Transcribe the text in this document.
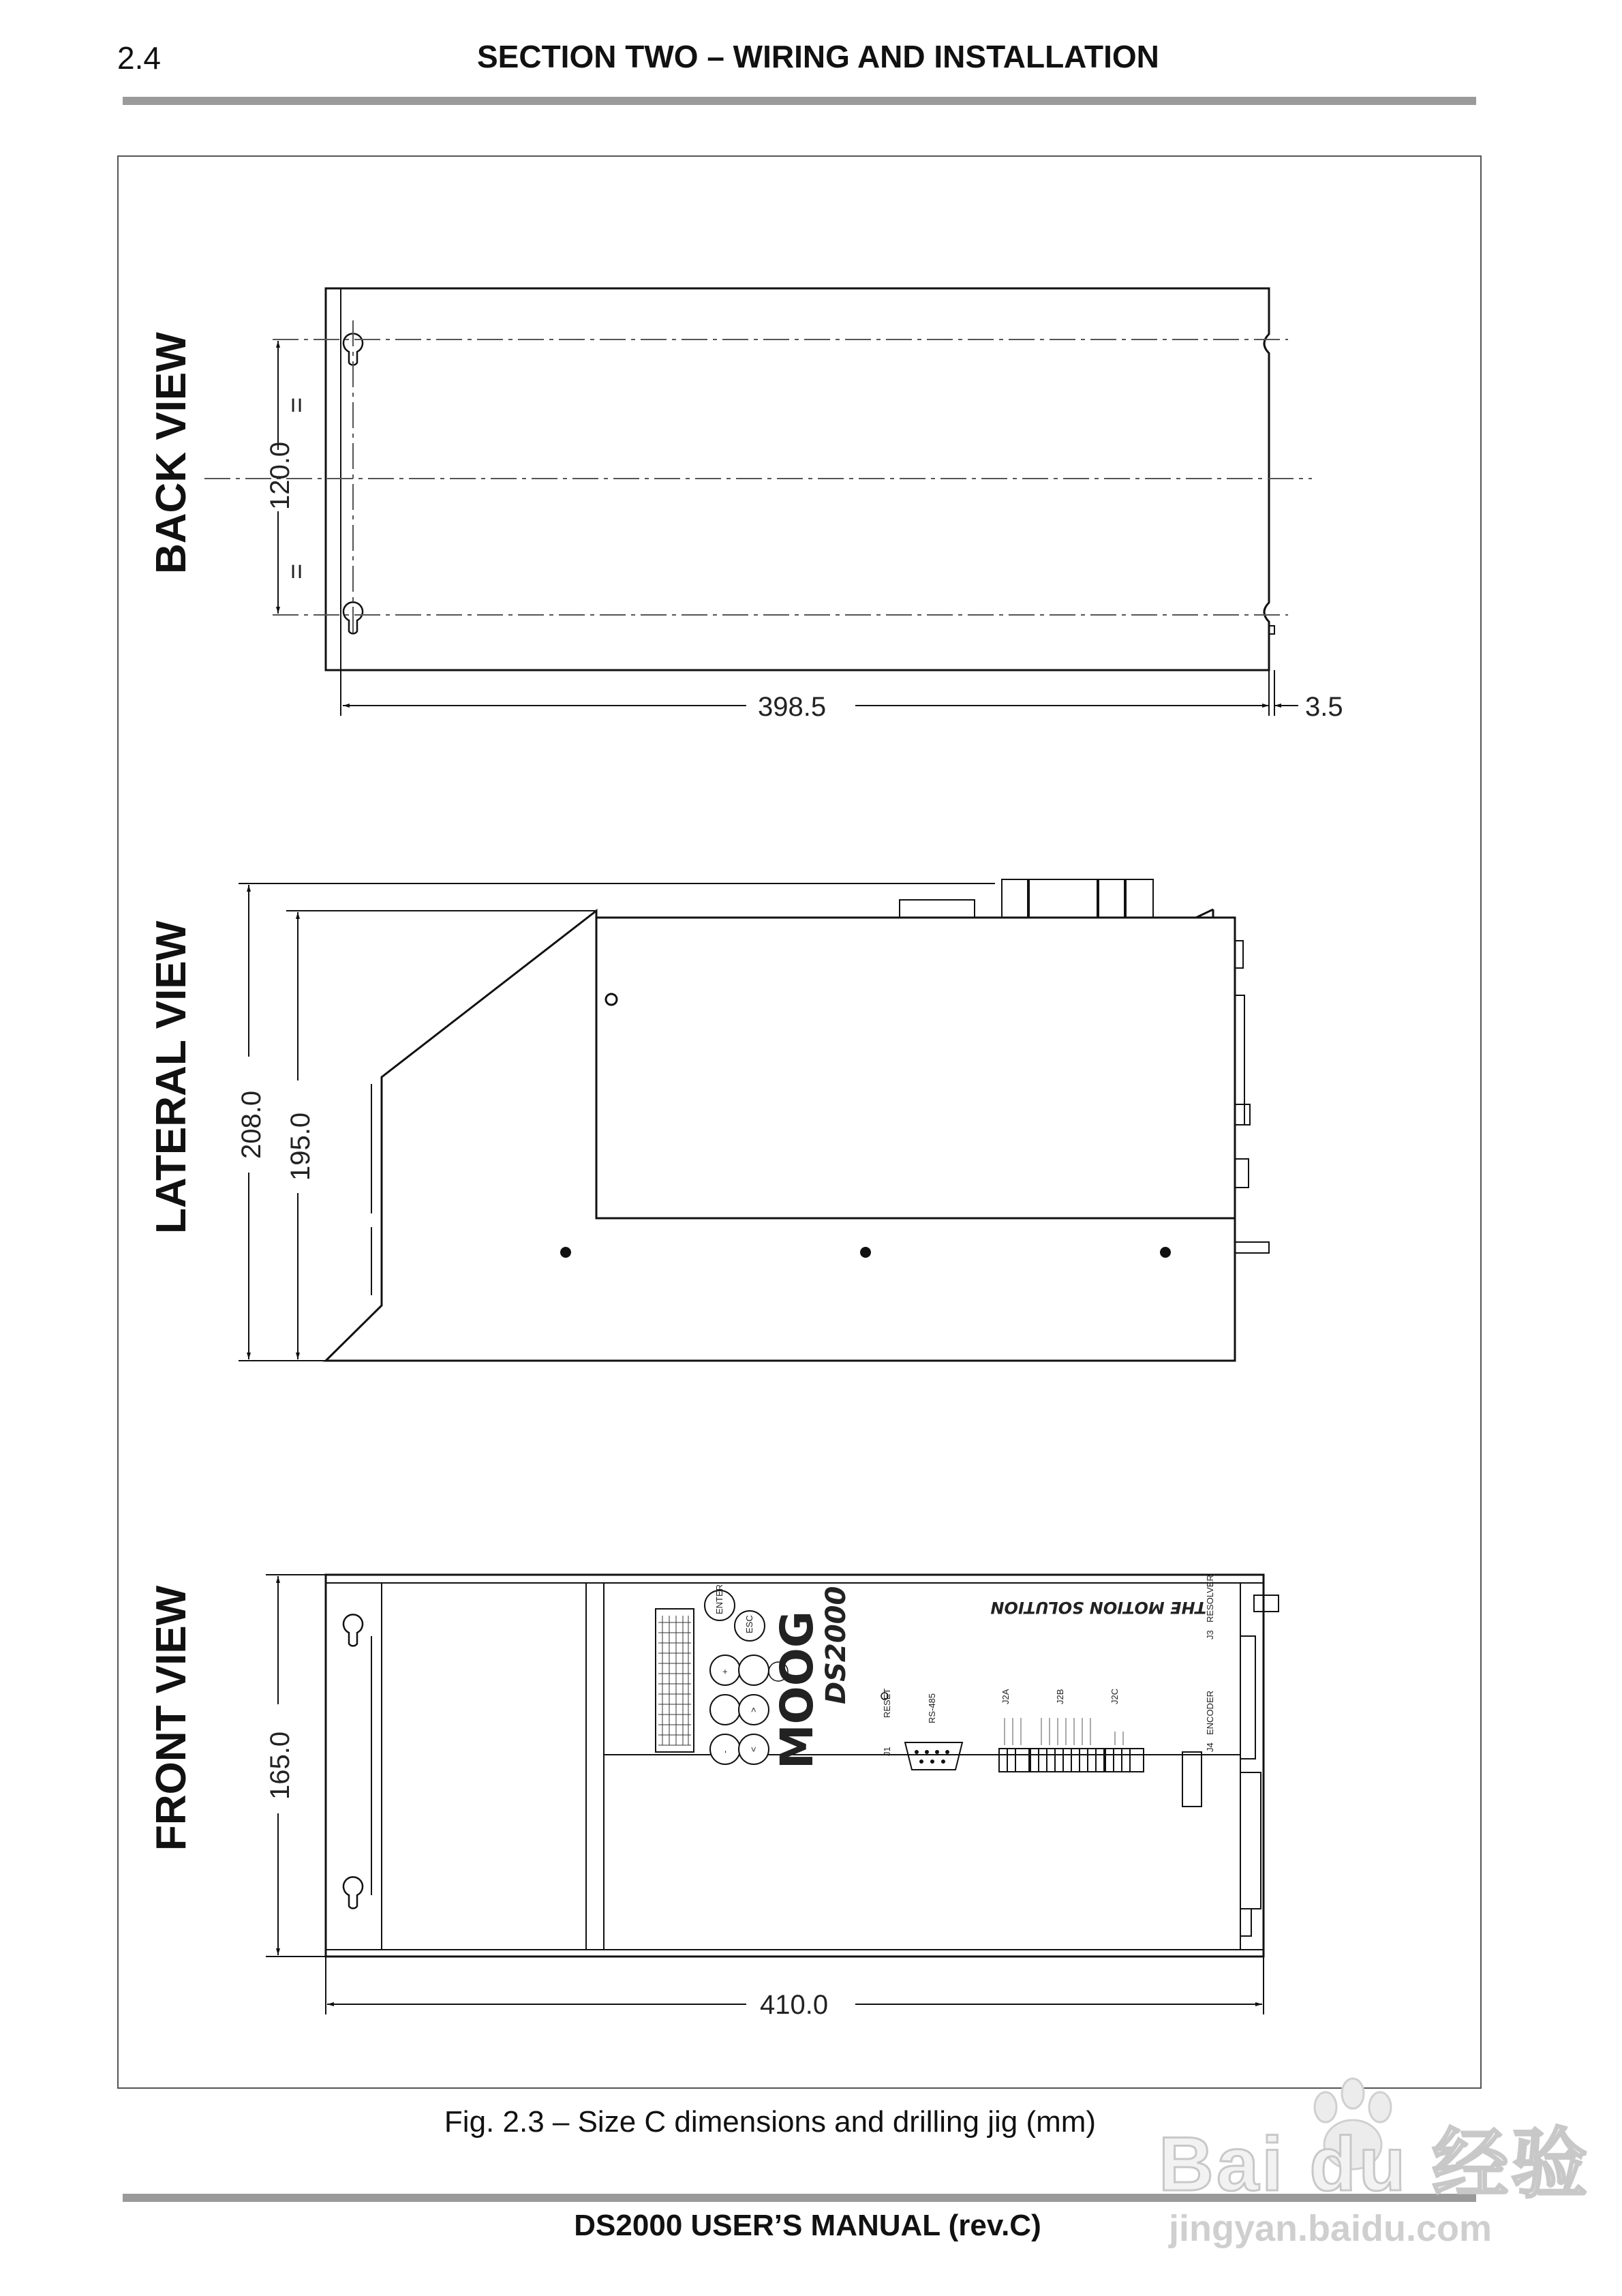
2.4	SECTION TWO – WIRING AND INSTALLATION
BACK VIEW	120.0
=
=
398.5	3.5
LATERAL VIEW 208.0 195.0
FRONT VIEW	ENTER
ESC
+
-
>
< MOOG
DS2000	THE MOTION SOLUTION
RESET
J1
RS-485	J2A	J2B	J2C
J3
RESOLVER
J4
ENCODER
165.0
410.0
Fig. 2.3 – Size C dimensions and drilling jig (mm)
DS2000 USER’S MANUAL (rev.C)
Bai du 经验
jingyan.baidu.com
